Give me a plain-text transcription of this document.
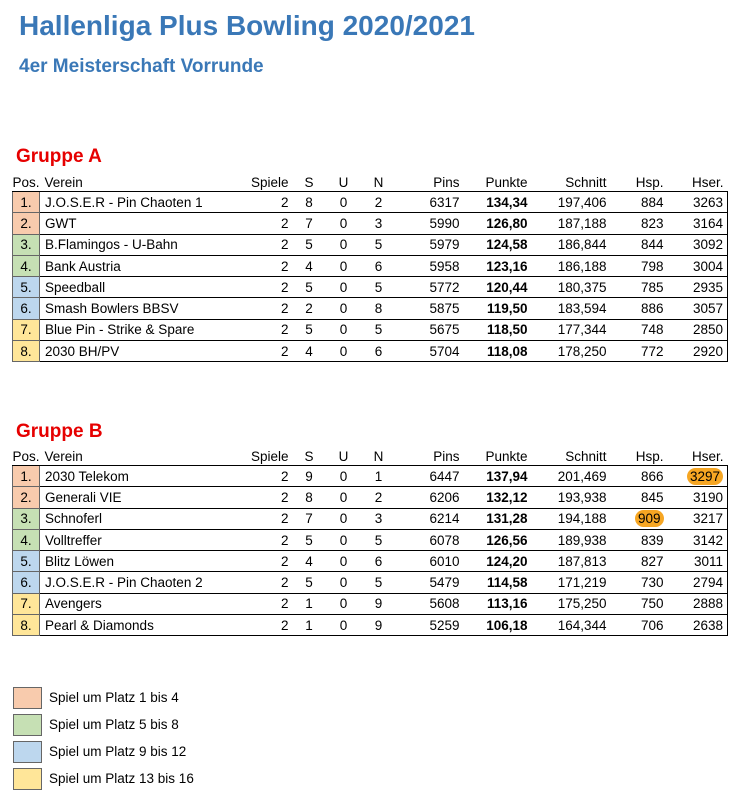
Hallenliga Plus Bowling 2020/2021
4er Meisterschaft Vorrunde
Gruppe A
Pos.	Verein	Spiele	S	U	N	Pins	Punkte	Schnitt	Hsp.	Hser.
1.	J.O.S.E.R - Pin Chaoten 1	2	8	0	2	6317	134,34	197,406	884	3263
2.	GWT	2	7	0	3	5990	126,80	187,188	823	3164
3.	B.Flamingos - U-Bahn	2	5	0	5	5979	124,58	186,844	844	3092
4.	Bank Austria	2	4	0	6	5958	123,16	186,188	798	3004
5.	Speedball	2	5	0	5	5772	120,44	180,375	785	2935
6.	Smash Bowlers BBSV	2	2	0	8	5875	119,50	183,594	886	3057
7.	Blue Pin - Strike & Spare	2	5	0	5	5675	118,50	177,344	748	2850
8.	2030 BH/PV	2	4	0	6	5704	118,08	178,250	772	2920
Gruppe B
Pos.	Verein	Spiele	S	U	N	Pins	Punkte	Schnitt	Hsp.	Hser.
1.	2030 Telekom	2	9	0	1	6447	137,94	201,469	866	3297
2.	Generali VIE	2	8	0	2	6206	132,12	193,938	845	3190
3.	Schnoferl	2	7	0	3	6214	131,28	194,188	909	3217
4.	Volltreffer	2	5	0	5	6078	126,56	189,938	839	3142
5.	Blitz Löwen	2	4	0	6	6010	124,20	187,813	827	3011
6.	J.O.S.E.R - Pin Chaoten 2	2	5	0	5	5479	114,58	171,219	730	2794
7.	Avengers	2	1	0	9	5608	113,16	175,250	750	2888
8.	Pearl & Diamonds	2	1	0	9	5259	106,18	164,344	706	2638
Spiel um Platz 1 bis 4
Spiel um Platz 5 bis 8
Spiel um Platz 9 bis 12
Spiel um Platz 13 bis 16
